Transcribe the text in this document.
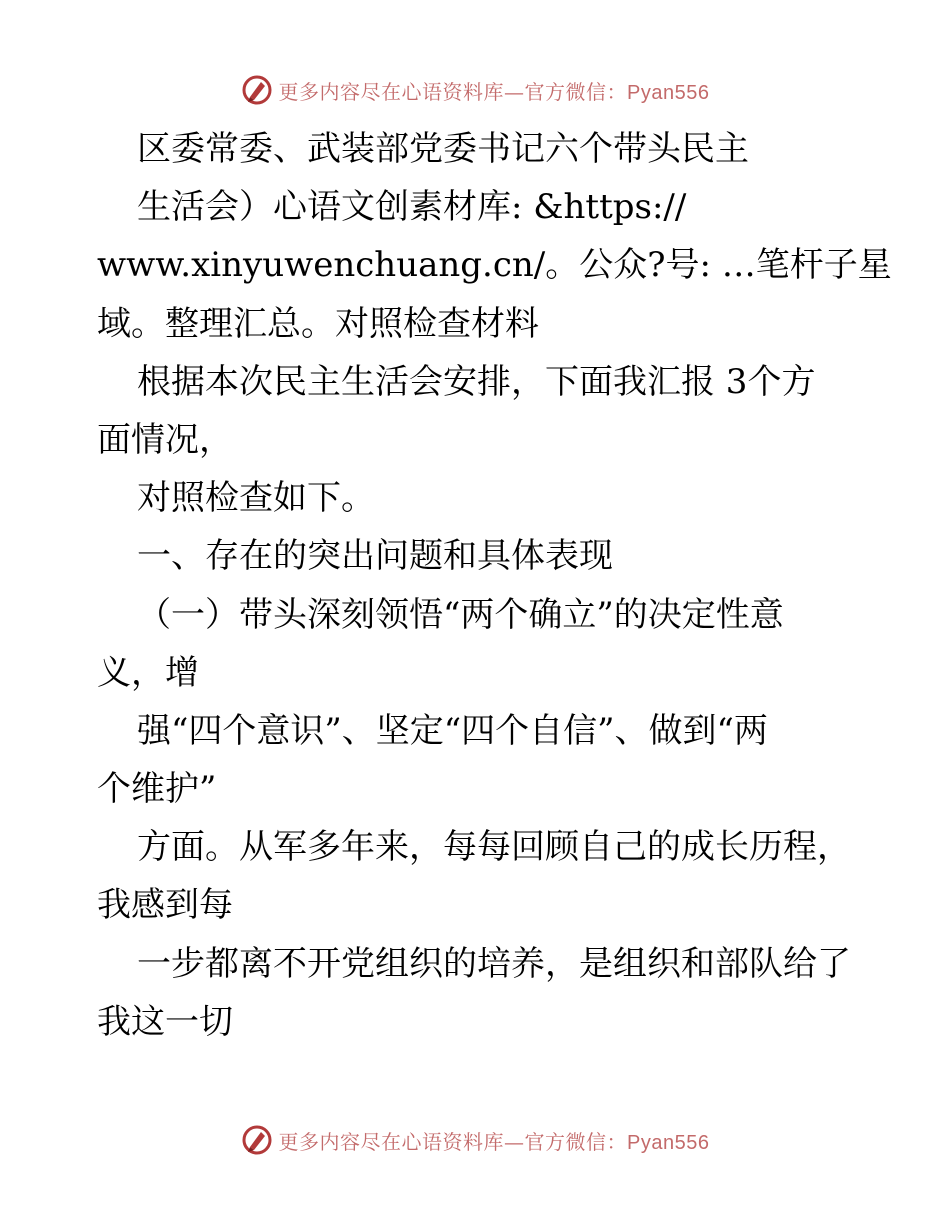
更多内容尽在心语资料库—官方微信：Pyan556
区委常委、武装部党委书记六个带头民主
生活会）心语文创素材库: &https://
www.xinyuwenchuang.cn/。公众?号: …笔杆子星
域。整理汇总。对照检查材料
根据本次民主生活会安排，下面我汇报 3个方
面情况，
对照检查如下。
一、存在的突出问题和具体表现
（一）带头深刻领悟“两个确立”的决定性意
义，增
强“四个意识”、坚定“四个自信”、做到“两
个维护”
方面。从军多年来，每每回顾自己的成长历程，
我感到每
一步都离不开党组织的培养，是组织和部队给了
我这一切
更多内容尽在心语资料库—官方微信：Pyan556
